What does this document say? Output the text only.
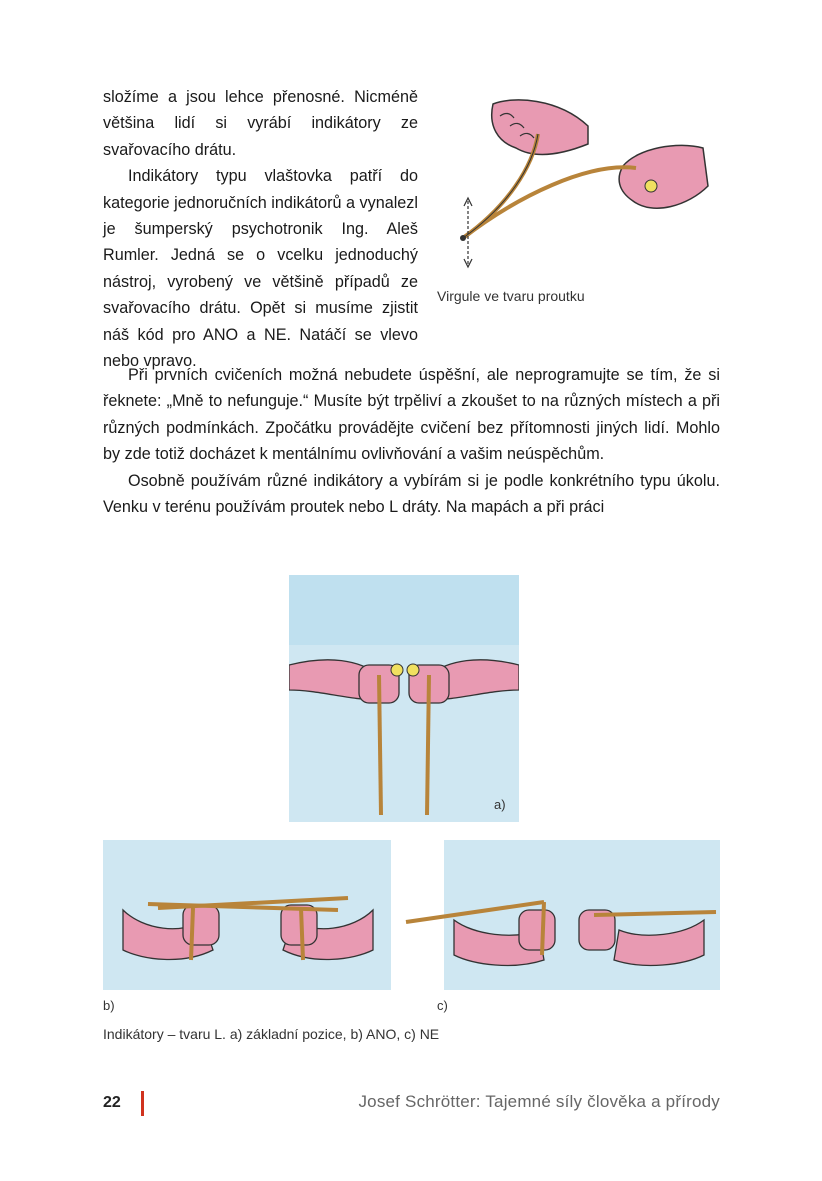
složíme a jsou lehce přenosné. Nicméně většina lidí si vyrábí indikátory ze svařovacího drátu.

Indikátory typu vlaštovka patří do kategorie jednoručních indikátorů a vynalezl je šumperský psychotronik Ing. Aleš Rumler. Jedná se o vcelku jednoduchý nástroj, vyrobený ve většině případů ze svařovacího drátu. Opět si musíme zjistit náš kód pro ANO a NE. Natáčí se vlevo nebo vpravo.

Virgule ve tvaru proutku

Při prvních cvičeních možná nebudete úspěšní, ale neprogramujte se tím, že si řeknete: „Mně to nefunguje.“ Musíte být trpěliví a zkoušet to na různých místech a při různých podmínkách. Zpočátku provádějte cvičení bez přítomnosti jiných lidí. Mohlo by zde totiž docházet k mentálnímu ovlivňování a vašim neúspěchům.

Osobně používám různé indikátory a vybírám si je podle konkrétního typu úkolu. Venku v terénu používám proutek nebo L dráty. Na mapách a při práci

a)
b)	c)
Indikátory – tvaru L. a) základní pozice, b) ANO, c) NE
22	Josef Schrötter: Tajemné síly člověka a přírody
